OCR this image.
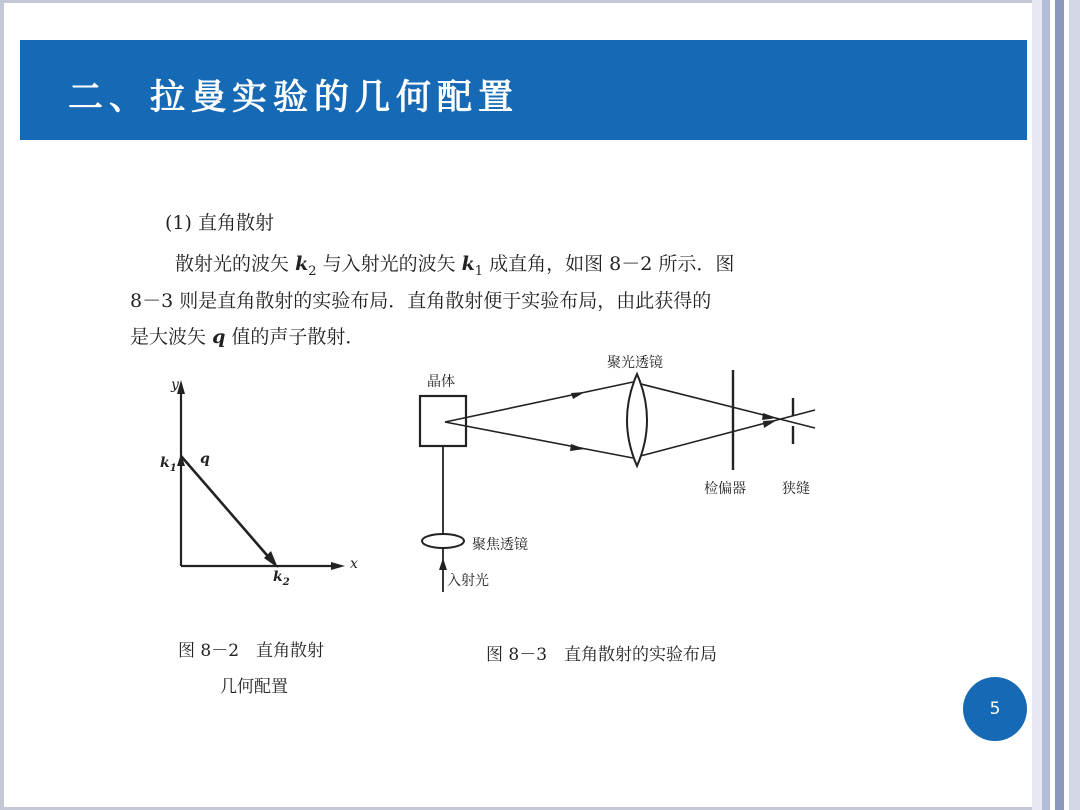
二、拉曼实验的几何配置
(1) 直角散射
散射光的波矢 $k_2$ 与入射光的波矢 $k_1$ 成直角，如图 8－2 所示．图
8－3 则是直角散射的实验布局．直角散射便于实验布局，由此获得的
是大波矢 q 值的声子散射．
y
$k_1$
q
x
$k_2$
图 8－2　直角散射
几何配置
晶体
聚光透镜
检偏器	狭缝
聚焦透镜
入射光
图 8－3　直角散射的实验布局
5
